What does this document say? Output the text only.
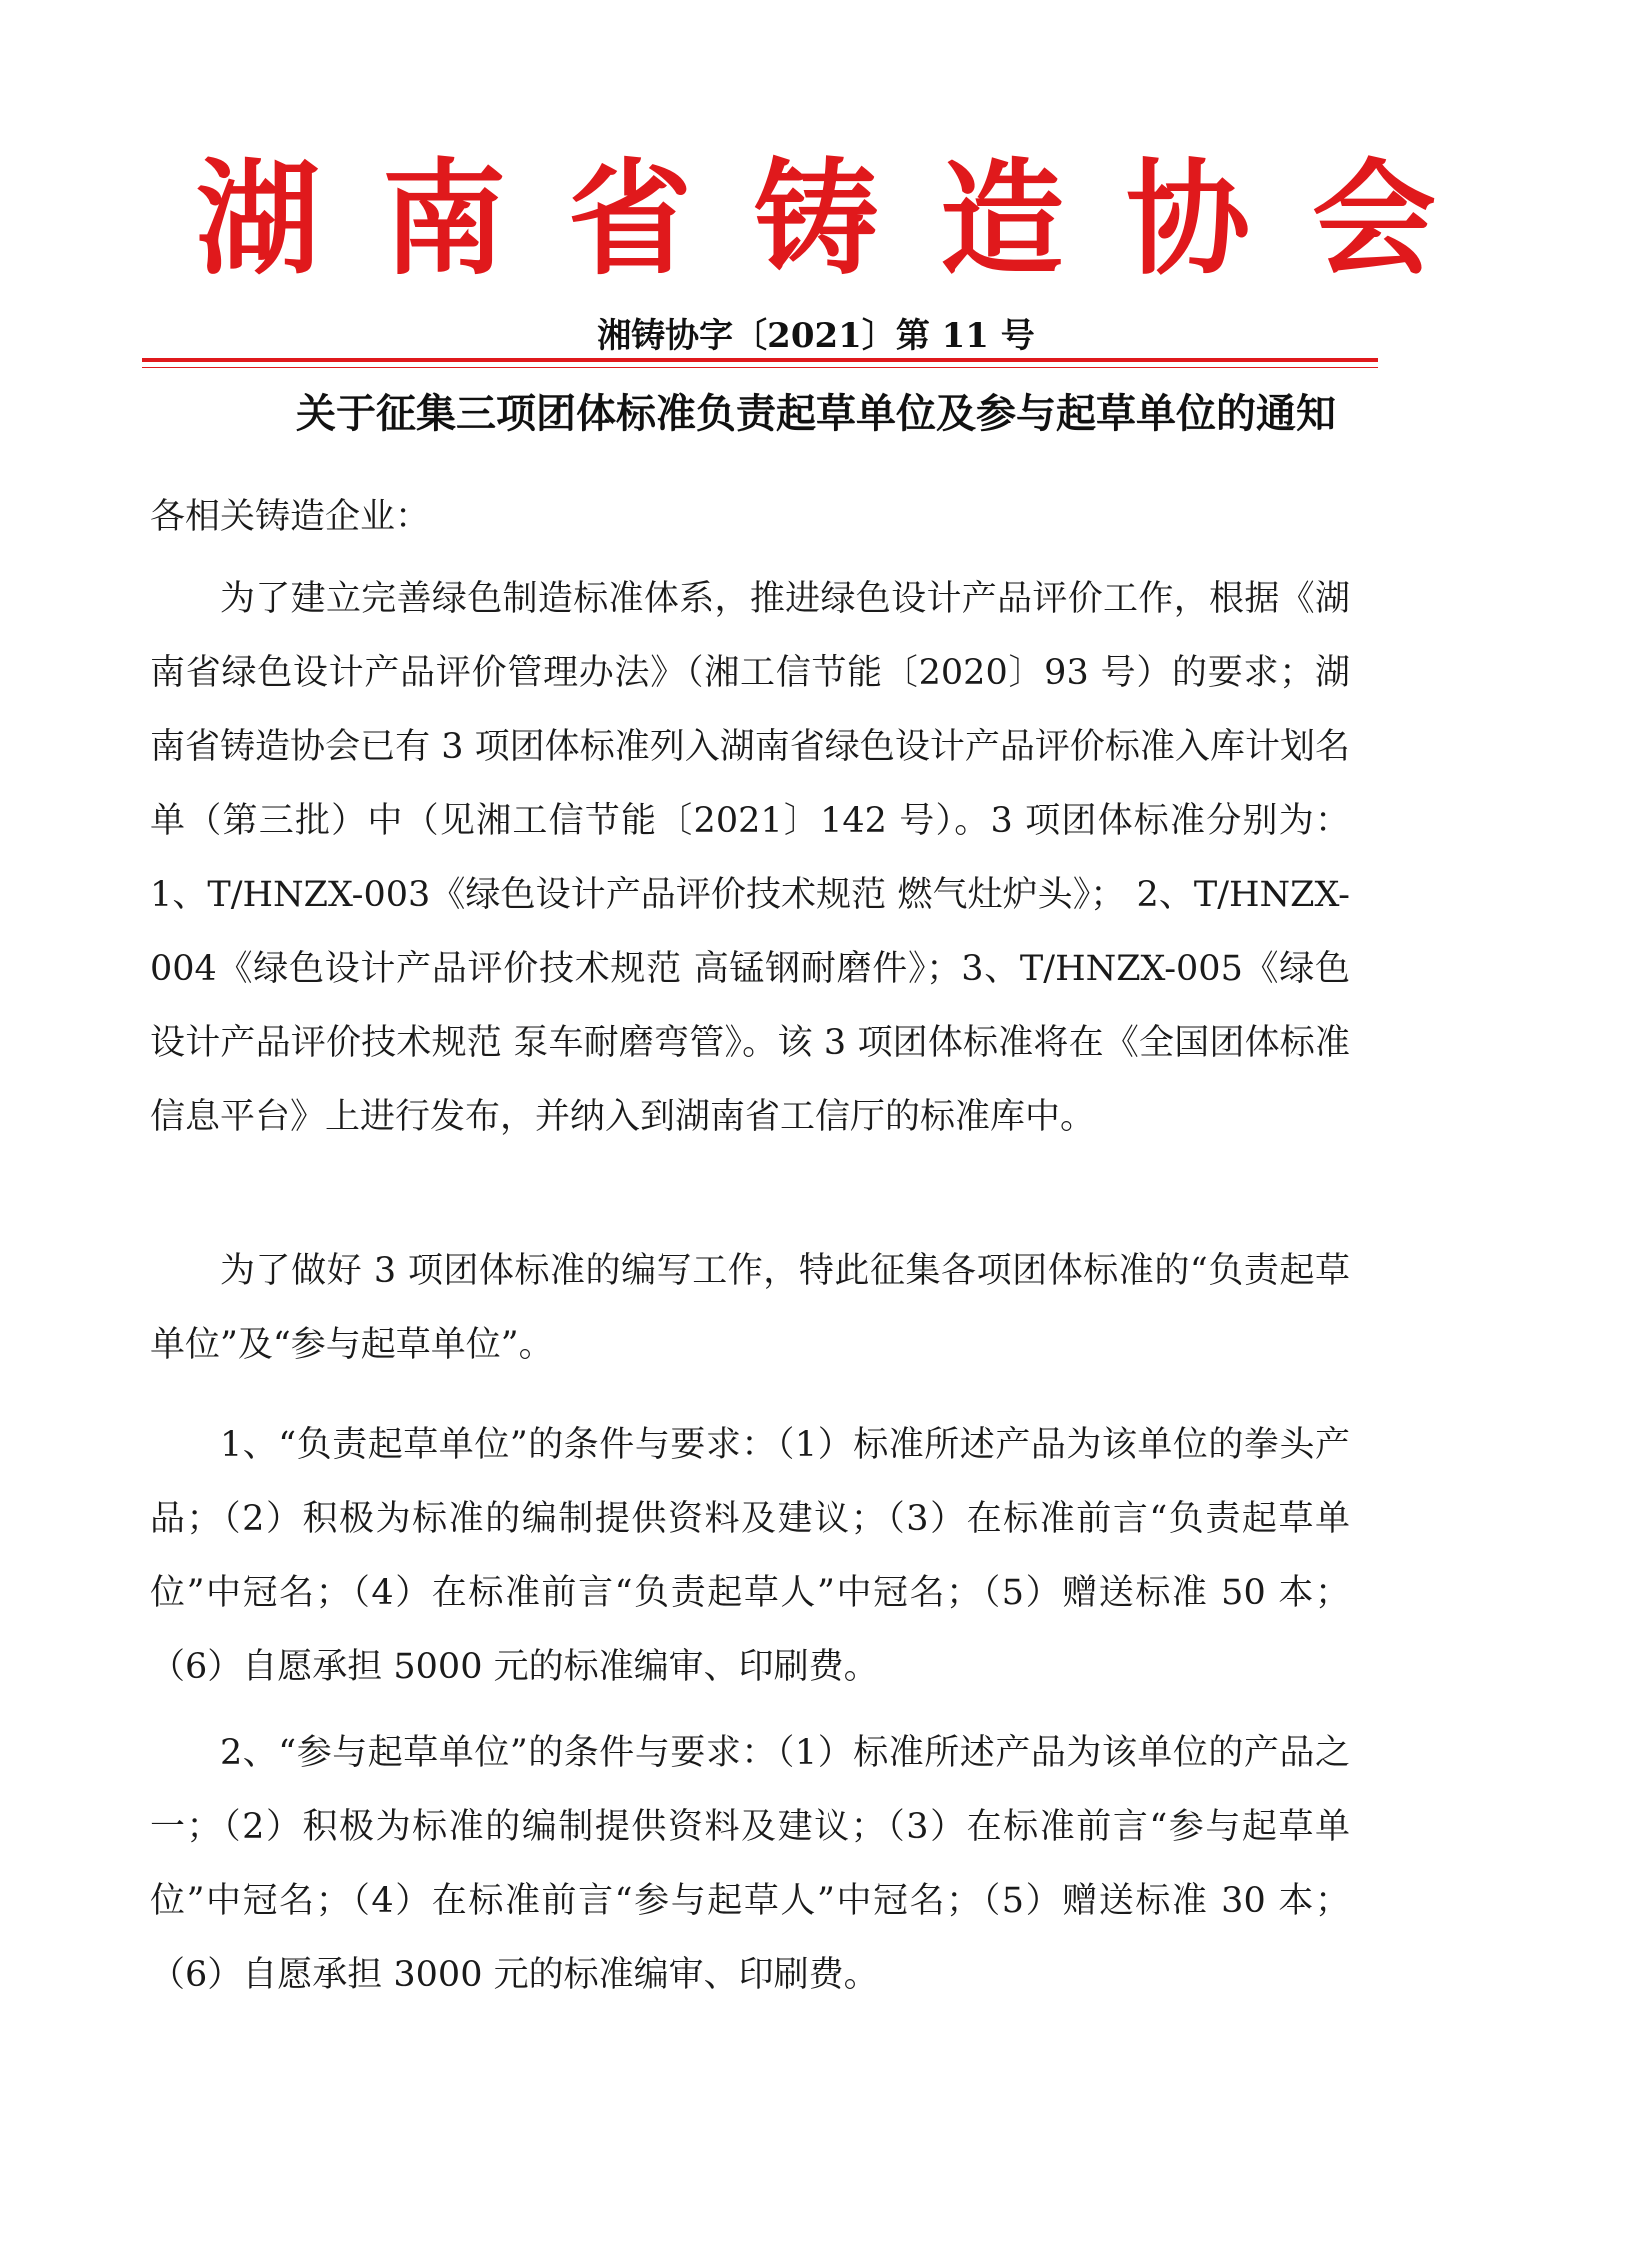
湖南省铸造协会
湘铸协字〔2021〕第 11 号
关于征集三项团体标准负责起草单位及参与起草单位的通知
各相关铸造企业：
为了建立完善绿色制造标准体系，推进绿色设计产品评价工作，根据《湖南省绿色设计产品评价管理办法》（湘工信节能〔2020〕93 号）的要求；湖南省铸造协会已有 3 项团体标准列入湖南省绿色设计产品评价标准入库计划名单（第三批）中（见湘工信节能〔2021〕142 号）。3 项团体标准分别为：1、T/HNZX-003《绿色设计产品评价技术规范 燃气灶炉头》； 2、T/HNZX-004《绿色设计产品评价技术规范 高锰钢耐磨件》；3、T/HNZX-005《绿色设计产品评价技术规范 泵车耐磨弯管》。该 3 项团体标准将在《全国团体标准信息平台》上进行发布，并纳入到湖南省工信厅的标准库中。
为了做好 3 项团体标准的编写工作，特此征集各项团体标准的“负责起草单位”及“参与起草单位”。
1、“负责起草单位”的条件与要求：（1）标准所述产品为该单位的拳头产品；（2）积极为标准的编制提供资料及建议；（3）在标准前言“负责起草单位”中冠名；（4）在标准前言“负责起草人”中冠名；（5）赠送标准 50 本；（6）自愿承担 5000 元的标准编审、印刷费。
2、“参与起草单位”的条件与要求：（1）标准所述产品为该单位的产品之一；（2）积极为标准的编制提供资料及建议；（3）在标准前言“参与起草单位”中冠名；（4）在标准前言“参与起草人”中冠名；（5）赠送标准 30 本；（6）自愿承担 3000 元的标准编审、印刷费。
